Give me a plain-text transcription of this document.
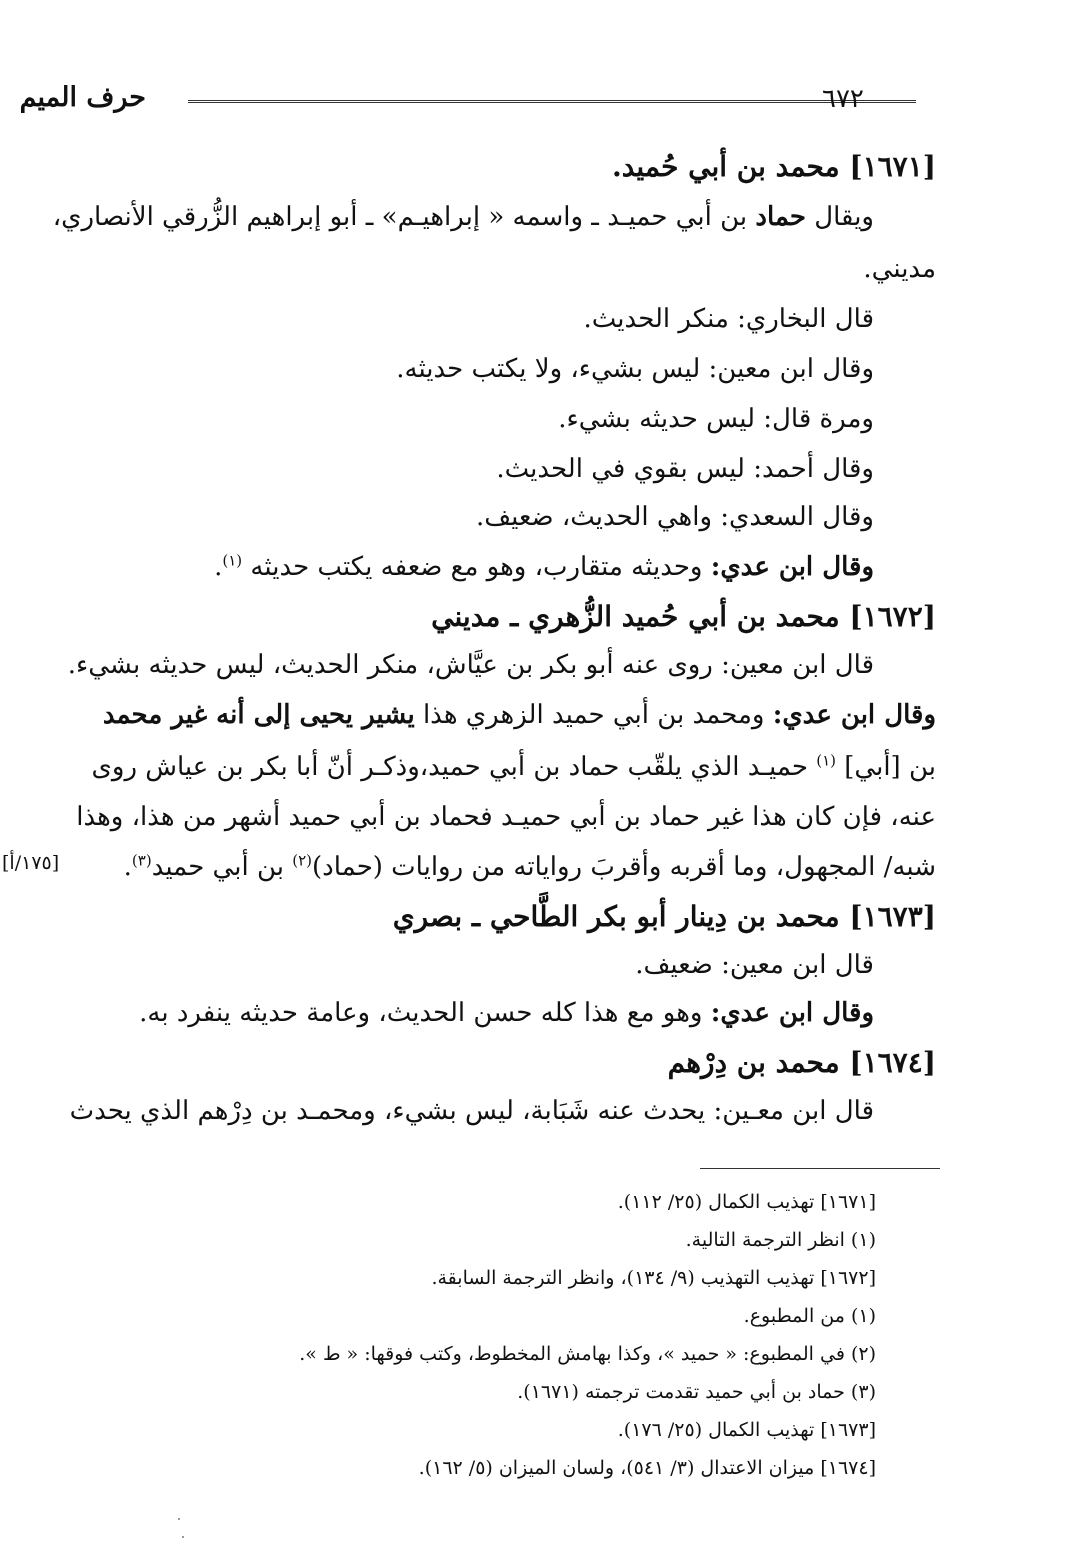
حرف الميم	٦٧٢
[١٦٧١] محمد بن أبي حُميد.
ويقال حماد بن أبي حميـد ـ واسمه « إبراهيـم» ـ أبو إبراهيم الزُّرقي الأنصاري،
مديني.
قال البخاري: منكر الحديث.
وقال ابن معين: ليس بشيء، ولا يكتب حديثه.
ومرة قال: ليس حديثه بشيء.
وقال أحمد: ليس بقوي في الحديث.
وقال السعدي: واهي الحديث، ضعيف.
وقال ابن عدي: وحديثه متقارب، وهو مع ضعفه يكتب حديثه $^{(١)}$.
[١٦٧٢] محمد بن أبي حُميد الزُّهري ـ مديني
قال ابن معين: روى عنه أبو بكر بن عيَّاش، منكر الحديث، ليس حديثه بشيء.
وقال ابن عدي: ومحمد بن أبي حميد الزهري هذا يشير يحيى إلى أنه غير محمد
بن [أبي] $^{(١)}$ حميـد الذي يلقّب حماد بن أبي حميد،وذكـر أنّ أبا بكر بن عياش روى
عنه، فإن كان هذا غير حماد بن أبي حميـد فحماد بن أبي حميد أشهر من هذا، وهذا
شبه/ المجهول، وما أقربه وأقربَ رواياته من روايات (حماد)$^{(٢)}$ بن أبي حميد$^{(٣)}$.
[١٧٥/أ]
[١٦٧٣] محمد بن دِينار أبو بكر الطَّاحي ـ بصري
قال ابن معين: ضعيف.
وقال ابن عدي: وهو مع هذا كله حسن الحديث، وعامة حديثه ينفرد به.
[١٦٧٤] محمد بن دِرْهم
قال ابن معـين: يحدث عنه شَبَابة، ليس بشيء، ومحمـد بن دِرْهم الذي يحدث
[١٦٧١] تهذيب الكمال (٢٥/ ١١٢).
(١) انظر الترجمة التالية.
[١٦٧٢] تهذيب التهذيب (٩/ ١٣٤)، وانظر الترجمة السابقة.
(١) من المطبوع.
(٢) في المطبوع: « حميد »، وكذا بهامش المخطوط، وكتب فوقها: « ط ».
(٣) حماد بن أبي حميد تقدمت ترجمته (١٦٧١).
[١٦٧٣] تهذيب الكمال (٢٥/ ١٧٦).
[١٦٧٤] ميزان الاعتدال (٣/ ٥٤١)، ولسان الميزان (٥/ ١٦٢).
